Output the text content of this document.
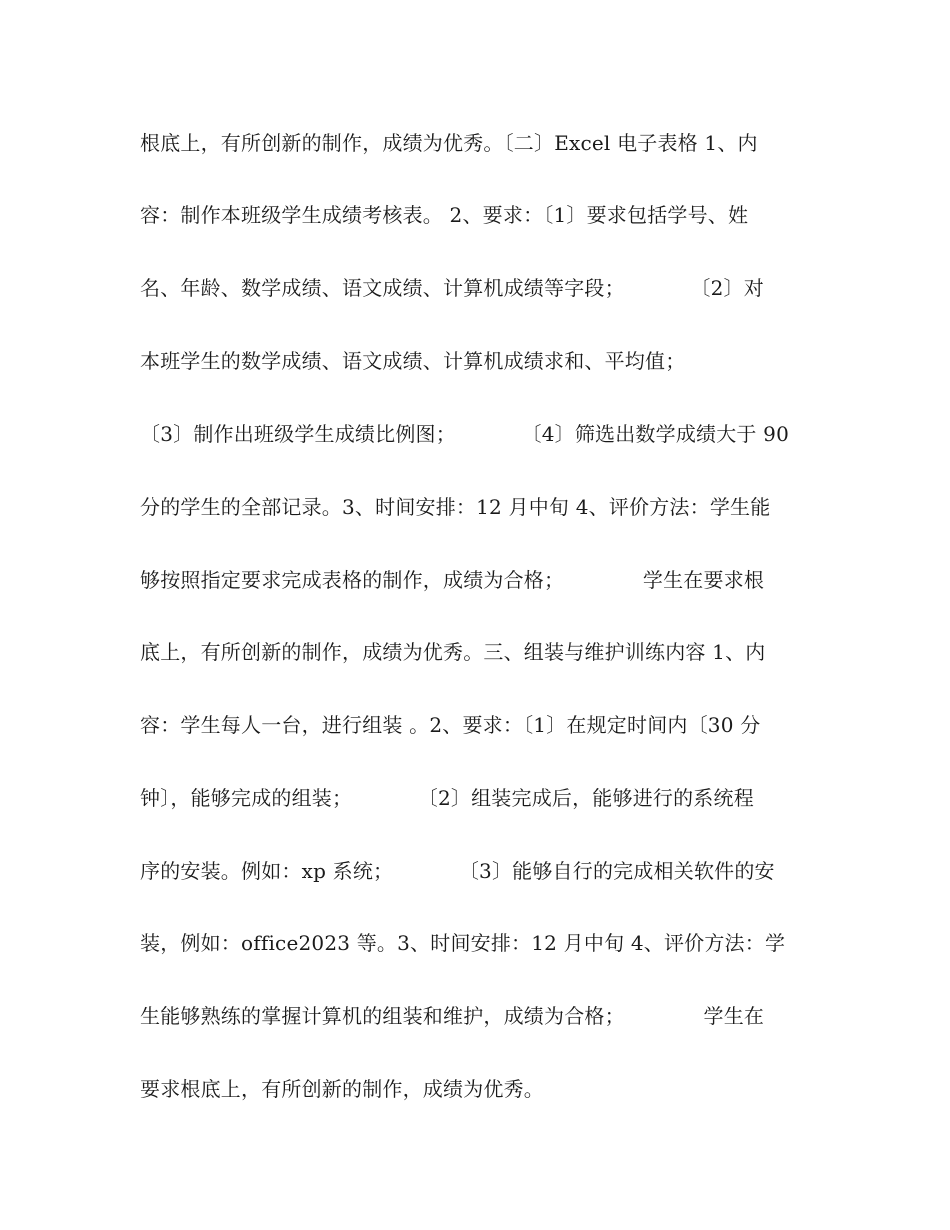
根底上，有所创新的制作，成绩为优秀。〔二〕Excel 电子表格 1、内
容：制作本班级学生成绩考核表。 2、要求：〔1〕要求包括学号、姓
名、年龄、数学成绩、语文成绩、计算机成绩等字段；          〔2〕对
本班学生的数学成绩、语文成绩、计算机成绩求和、平均值；
〔3〕制作出班级学生成绩比例图；          〔4〕筛选出数学成绩大于 90
分的学生的全部记录。3、时间安排：12 月中旬 4、评价方法：学生能
够按照指定要求完成表格的制作，成绩为合格；            学生在要求根
底上，有所创新的制作，成绩为优秀。三、组装与维护训练内容 1、内
容：学生每人一台，进行组装 。2、要求：〔1〕在规定时间内〔30 分
钟〕，能够完成的组装；          〔2〕组装完成后，能够进行的系统程
序的安装。例如：xp 系统；          〔3〕能够自行的完成相关软件的安
装，例如：office2023 等。3、时间安排：12 月中旬 4、评价方法：学
生能够熟练的掌握计算机的组装和维护，成绩为合格；            学生在
要求根底上，有所创新的制作，成绩为优秀。
